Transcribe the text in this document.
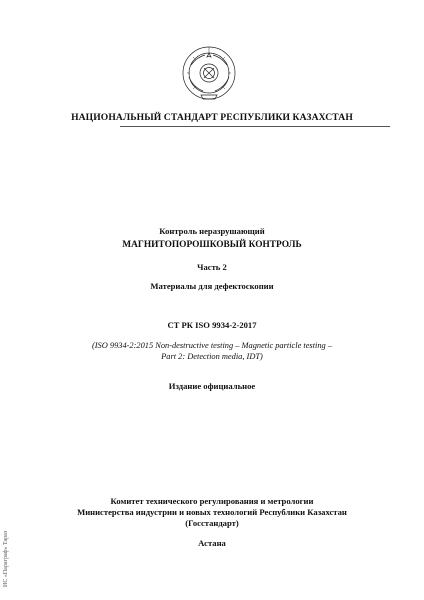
НАЦИОНАЛЬНЫЙ СТАНДАРТ РЕСПУБЛИКИ КАЗАХСТАН
Контроль неразрушающий
МАГНИТОПОРОШКОВЫЙ КОНТРОЛЬ
Часть 2
Материалы для дефектоскопии
СТ РК ISO 9934-2-2017
(ISO 9934-2:2015 Non-destructive testing – Magnetic particle testing –
Part 2: Detection media, IDT)
Издание официальное
Комитет технического регулирования и метрологии
Министерства индустрии и новых технологий Республики Казахстан
(Госстандарт)
Астана
ИС «Параграф» Тараз
